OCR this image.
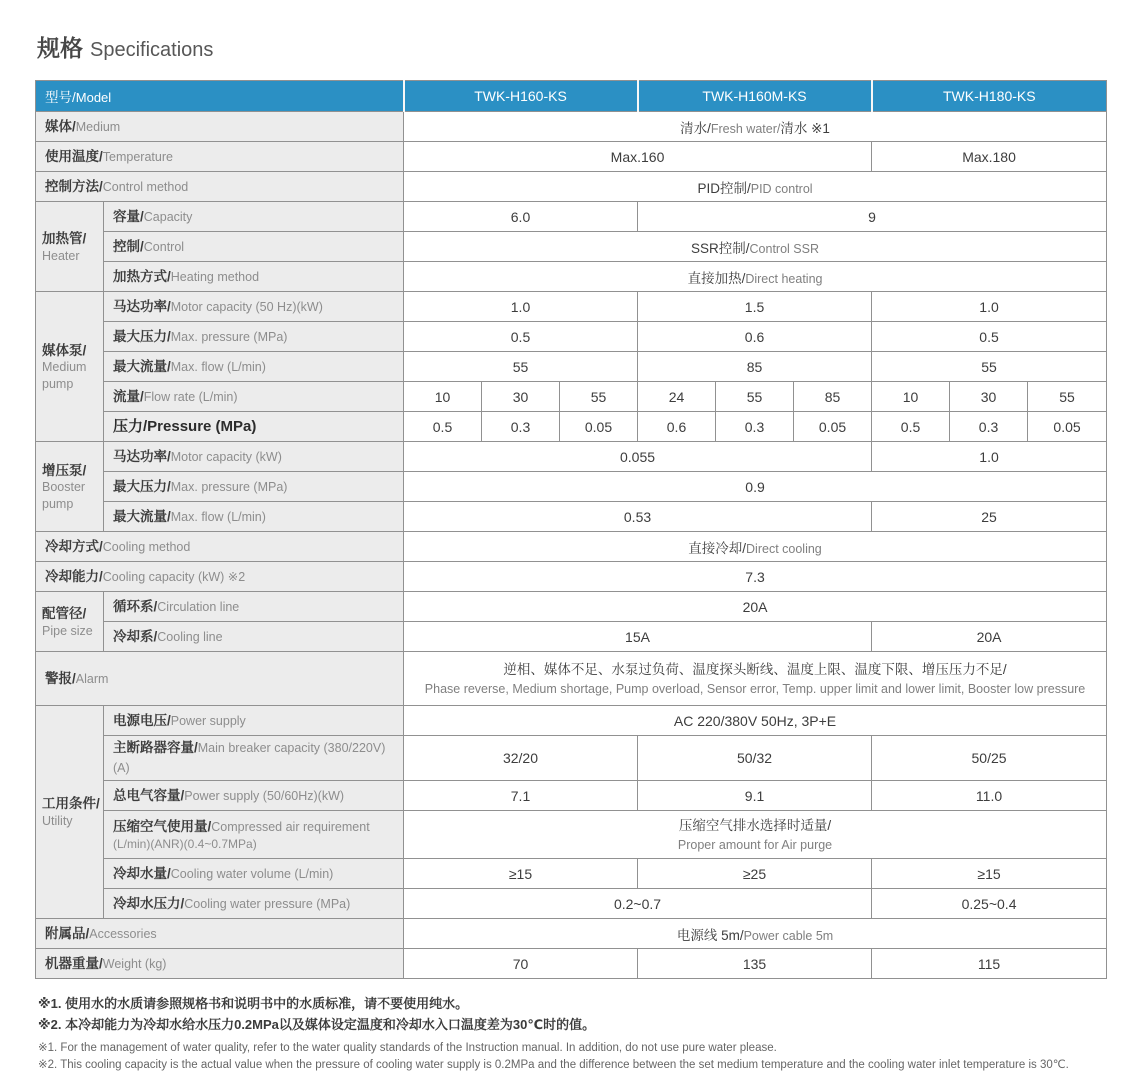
规格 Specifications
型号/Model		TWK-H160-KS			TWK-H160M-KS			TWK-H180-KS		
媒体/Medium		清水/Fresh water/清水 ※1								
使用温度/Temperature		Max.160						Max.180		
控制方法/Control method		PID控制/PID control								

加热管/
Heater	容量/Capacity	6.0			9					
	控制/Control	SSR控制/Control SSR								
	加热方式/Heating method	直接加热/Direct heating								

媒体泵/
Medium pump	马达功率/Motor capacity (50 Hz)(kW)	1.0			1.5			1.0		
	最大压力/Max. pressure (MPa)	0.5			0.6			0.5		
	最大流量/Max. flow (L/min)	55			85			55		
	流量/Flow rate (L/min)	10	30	55	24	55	85	10	30	55
	压力/Pressure (MPa)	0.5	0.3	0.05	0.6	0.3	0.05	0.5	0.3	0.05

增压泵/
Booster pump	马达功率/Motor capacity (kW)	0.055						1.0		
	最大压力/Max. pressure (MPa)	0.9								
	最大流量/Max. flow (L/min)	0.53						25		
冷却方式/Cooling method		直接冷却/Direct cooling								
冷却能力/Cooling capacity (kW) ※2		7.3								

配管径/
Pipe size	循环系/Circulation line	20A								
	冷却系/Cooling line	15A						20A		
警报/Alarm		逆相、媒体不足、水泵过负荷、温度探头断线、温度上限、温度下限、增压压力不足/
Phase reverse, Medium shortage, Pump overload, Sensor error, Temp. upper limit and lower limit, Booster low pressure								

工用条件/
Utility	电源电压/Power supply	AC 220/380V 50Hz, 3P+E								
	主断路器容量/Main breaker capacity (380/220V)(A)	32/20			50/32			50/25		
	总电气容量/Power supply (50/60Hz)(kW)	7.1			9.1			11.0		
	压缩空气使用量/Compressed air requirement
(L/min)(ANR)(0.4~0.7MPa)	压缩空气排水选择时适量/
Proper amount for Air purge								

	冷却水量/Cooling water volume (L/min)	≥15			≥25			≥15		
	冷却水压力/Cooling water pressure (MPa)	0.2~0.7						0.25~0.4		
附属品/Accessories		电源线 5m/Power cable 5m								
机器重量/Weight (kg)		70			135			115		
※1. 使用水的水质请参照规格书和说明书中的水质标准，请不要使用纯水。
※2. 本冷却能力为冷却水给水压力0.2MPa以及媒体设定温度和冷却水入口温度差为30℃时的值。
※1. For the management of water quality, refer to the water quality standards of the Instruction manual. In addition, do not use pure water please.
※2. This cooling capacity is the actual value when the pressure of cooling water supply is 0.2MPa and the difference between the set medium temperature and the cooling water inlet temperature is 30℃.
